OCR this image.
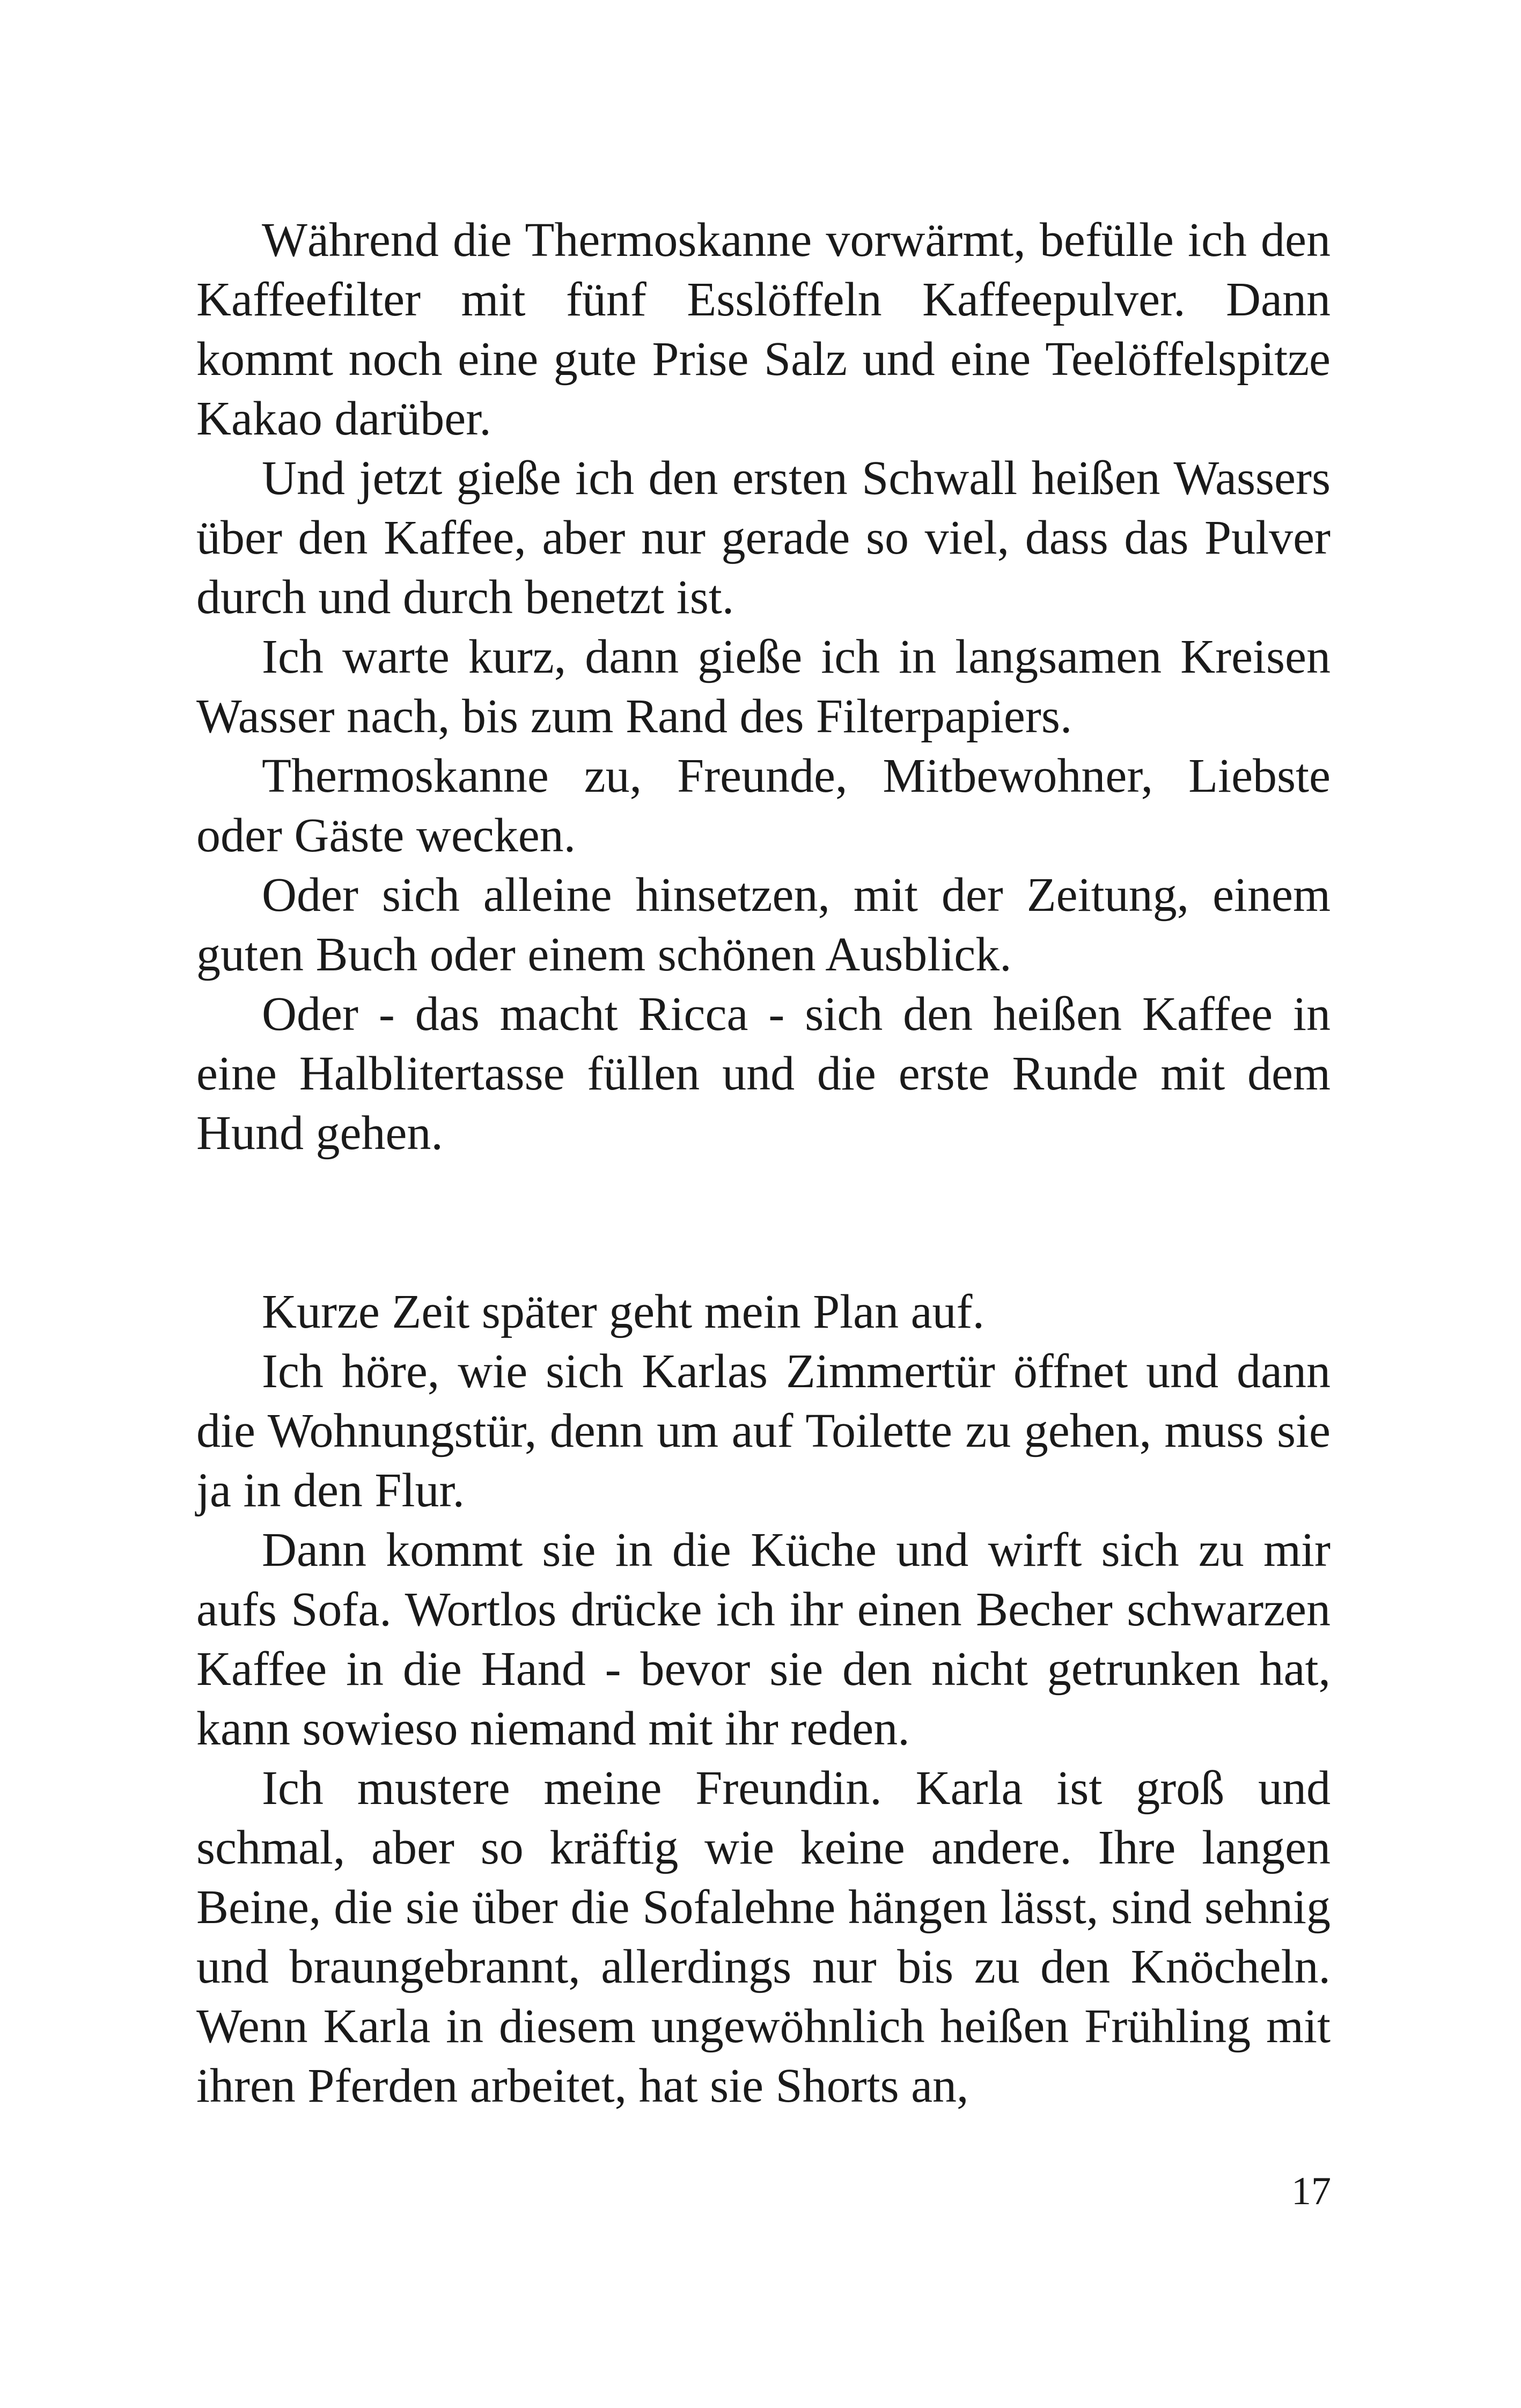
Während die Thermoskanne vorwärmt, befülle ich den Kaffeefilter mit fünf Esslöffeln Kaffeepulver. Dann kommt noch eine gute Prise Salz und eine Teelöffelspitze Kakao darüber.

Und jetzt gieße ich den ersten Schwall heißen Wassers über den Kaffee, aber nur gerade so viel, dass das Pulver durch und durch benetzt ist.

Ich warte kurz, dann gieße ich in langsamen Kreisen Wasser nach, bis zum Rand des Filterpapiers.

Thermoskanne zu, Freunde, Mitbewohner, Liebste oder Gäste wecken.

Oder sich alleine hinsetzen, mit der Zeitung, einem guten Buch oder einem schönen Ausblick.

Oder - das macht Ricca - sich den heißen Kaffee in eine Halblitertasse füllen und die erste Runde mit dem Hund gehen.

Kurze Zeit später geht mein Plan auf.

Ich höre, wie sich Karlas Zimmertür öffnet und dann die Wohnungstür, denn um auf Toilette zu gehen, muss sie ja in den Flur.

Dann kommt sie in die Küche und wirft sich zu mir aufs Sofa. Wortlos drücke ich ihr einen Becher schwarzen Kaffee in die Hand - bevor sie den nicht getrunken hat, kann sowieso niemand mit ihr reden.

Ich mustere meine Freundin. Karla ist groß und schmal, aber so kräftig wie keine andere. Ihre langen Beine, die sie über die Sofalehne hängen lässt, sind sehnig und braungebrannt, allerdings nur bis zu den Knöcheln. Wenn Karla in diesem ungewöhnlich heißen Frühling mit ihren Pferden arbeitet, hat sie Shorts an,

17
